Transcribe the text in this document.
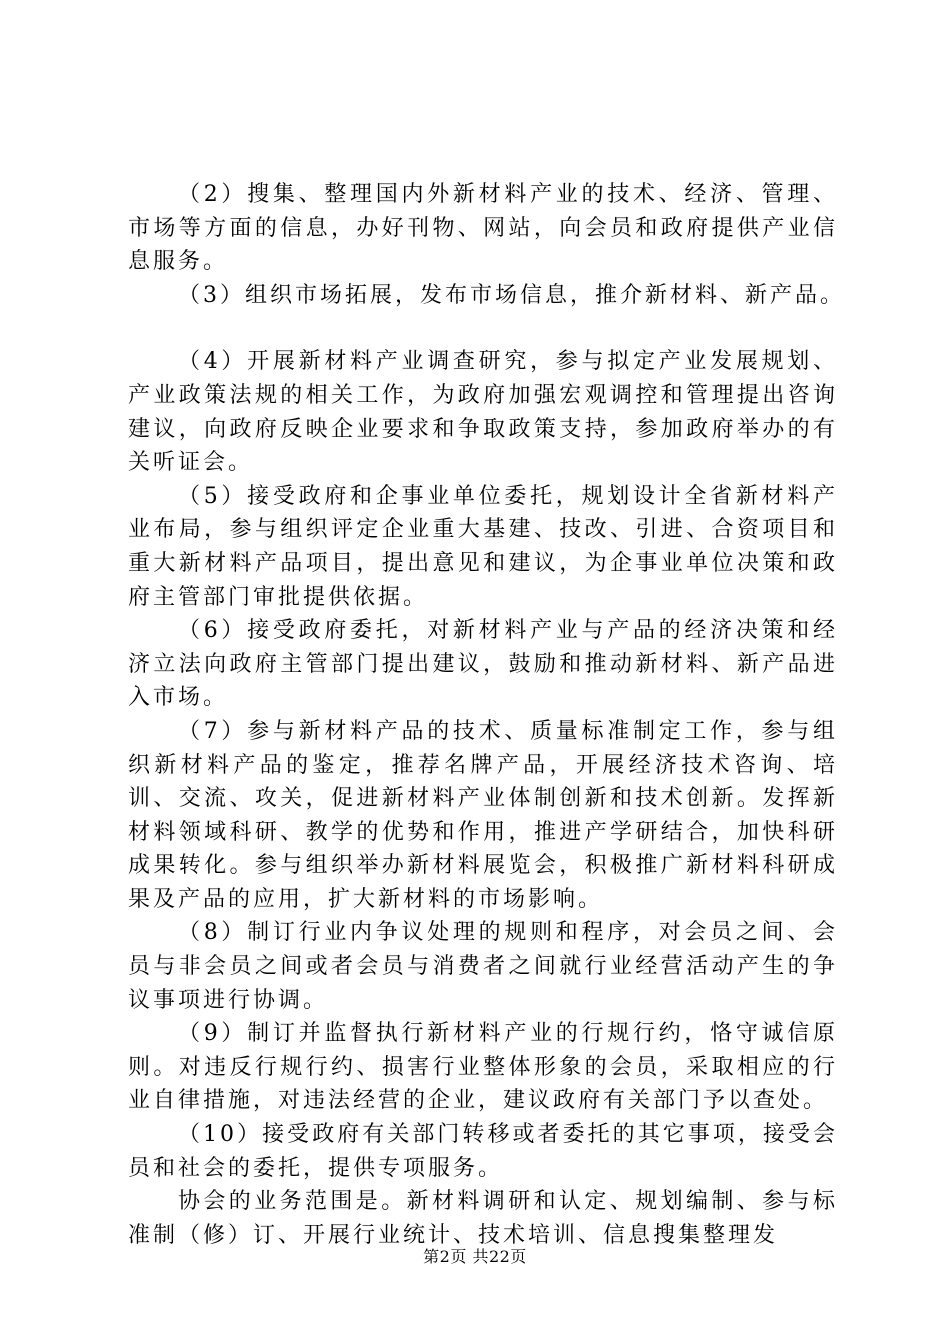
（2）搜集、整理国内外新材料产业的技术、经济、管理、市场等方面的信息，办好刊物、网站，向会员和政府提供产业信息服务。

（3）组织市场拓展，发布市场信息，推介新材料、新产品。

（4）开展新材料产业调查研究，参与拟定产业发展规划、产业政策法规的相关工作，为政府加强宏观调控和管理提出咨询建议，向政府反映企业要求和争取政策支持，参加政府举办的有关听证会。

（5）接受政府和企事业单位委托，规划设计全省新材料产业布局，参与组织评定企业重大基建、技改、引进、合资项目和重大新材料产品项目，提出意见和建议，为企事业单位决策和政府主管部门审批提供依据。

（6）接受政府委托，对新材料产业与产品的经济决策和经济立法向政府主管部门提出建议，鼓励和推动新材料、新产品进入市场。

（7）参与新材料产品的技术、质量标准制定工作，参与组织新材料产品的鉴定，推荐名牌产品，开展经济技术咨询、培训、交流、攻关，促进新材料产业体制创新和技术创新。发挥新材料领域科研、教学的优势和作用，推进产学研结合，加快科研成果转化。参与组织举办新材料展览会，积极推广新材料科研成果及产品的应用，扩大新材料的市场影响。

（8）制订行业内争议处理的规则和程序，对会员之间、会员与非会员之间或者会员与消费者之间就行业经营活动产生的争议事项进行协调。

（9）制订并监督执行新材料产业的行规行约，恪守诚信原则。对违反行规行约、损害行业整体形象的会员，采取相应的行业自律措施，对违法经营的企业，建议政府有关部门予以查处。

（10）接受政府有关部门转移或者委托的其它事项，接受会员和社会的委托，提供专项服务。

协会的业务范围是。新材料调研和认定、规划编制、参与标准制（修）订、开展行业统计、技术培训、信息搜集整理发

第2页 共22页
